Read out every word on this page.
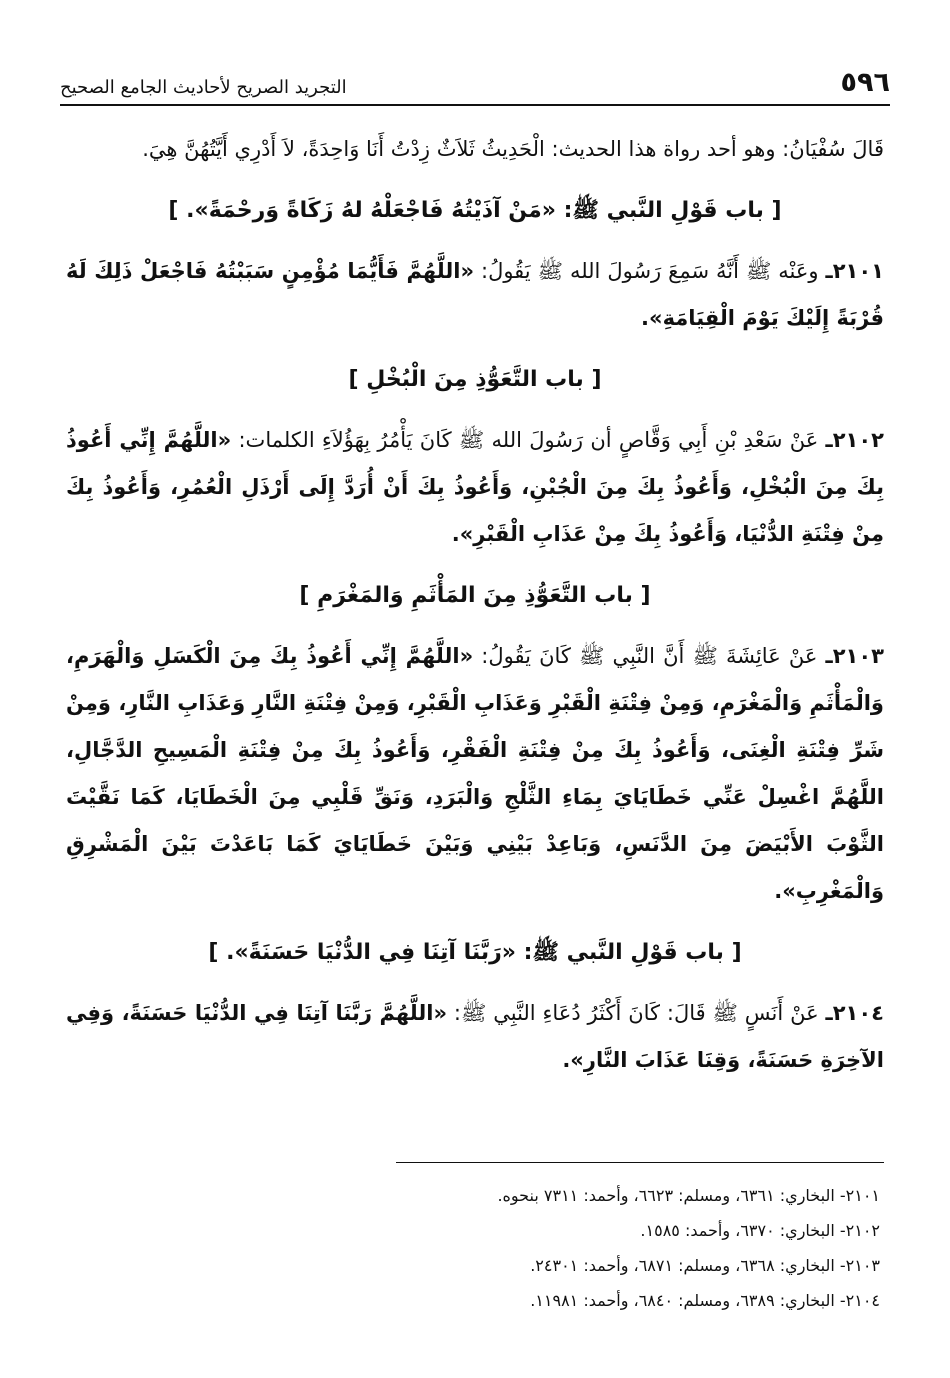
٥٩٦
التجريد الصريح لأحاديث الجامع الصحيح

قَالَ سُفْيَانُ: وهو أحد رواة هذا الحديث: الْحَدِيثُ ثَلاَثٌ زِدْتُ أَنَا وَاحِدَةً، لاَ أَدْرِي أَيَّتُهُنَّ هِيَ.

[ باب قَوْلِ النَّبي ﷺ: «مَنْ آذَيْتُهُ فَاجْعَلْهُ لهُ زَكَاةً وَرحْمَةً». ]

٢١٠١ـ وعَنْه ﷺ أَنَّهُ سَمِعَ رَسُولَ الله ﷺ يَقُولُ: «اللَّهُمَّ فَأَيُّمَا مُؤْمِنٍ سَبَبْتُهُ فَاجْعَلْ ذَلِكَ لَهُ قُرْبَةً إِلَيْكَ يَوْمَ الْقِيَامَةِ».

[ باب التَّعَوُّذِ مِنَ الْبُخْلِ ]

٢١٠٢ـ عَنْ سَعْدِ بْنِ أَبِي وَقَّاصٍ أن رَسُولَ الله ﷺ كَانَ يَأْمُرُ بِهَؤُلاَءِ الكلمات: «اللَّهُمَّ إِنِّي أَعُوذُ بِكَ مِنَ الْبُخْلِ، وَأَعُوذُ بِكَ مِنَ الْجُبْنِ، وَأَعُوذُ بِكَ أَنْ أُرَدَّ إِلَى أَرْذَلِ الْعُمُرِ، وَأَعُوذُ بِكَ مِنْ فِتْنَةِ الدُّنْيَا، وَأَعُوذُ بِكَ مِنْ عَذَابِ الْقَبْرِ».

[ باب التَّعَوُّذِ مِنَ المَأْثَمِ وَالمَغْرَمِ ]

٢١٠٣ـ عَنْ عَائِشَةَ ﷺ أَنَّ النَّبِي ﷺ كَانَ يَقُولُ: «اللَّهُمَّ إِنِّي أَعُوذُ بِكَ مِنَ الْكَسَلِ وَالْهَرَمِ، وَالْمَأْثَمِ وَالْمَغْرَمِ، وَمِنْ فِتْنَةِ الْقَبْرِ وَعَذَابِ الْقَبْرِ، وَمِنْ فِتْنَةِ النَّارِ وَعَذَابِ النَّارِ، وَمِنْ شَرِّ فِتْنَةِ الْغِنَى، وَأَعُوذُ بِكَ مِنْ فِتْنَةِ الْفَقْرِ، وَأَعُوذُ بِكَ مِنْ فِتْنَةِ الْمَسِيحِ الدَّجَّالِ، اللَّهُمَّ اغْسِلْ عَنِّي خَطَايَايَ بِمَاءِ الثَّلْجِ وَالْبَرَدِ، وَنَقِّ قَلْبِي مِنَ الْخَطَايَا، كَمَا نَقَّيْتَ الثَّوْبَ الأَبْيَضَ مِنَ الدَّنَسِ، وَبَاعِدْ بَيْنِي وَبَيْنَ خَطَايَايَ كَمَا بَاعَدْتَ بَيْنَ الْمَشْرِقِ وَالْمَغْرِبِ».

[ باب قَوْلِ النَّبي ﷺ: «رَبَّنَا آتِنَا فِي الدُّنْيَا حَسَنَةً». ]

٢١٠٤ـ عَنْ أَنَسٍ ﷺ قَالَ: كَانَ أَكْثَرُ دُعَاءِ النَّبِي ﷺ: «اللَّهُمَّ رَبَّنَا آتِنَا فِي الدُّنْيَا حَسَنَةً، وَفِي الآخِرَةِ حَسَنَةً، وَقِنَا عَذَابَ النَّارِ».

٢١٠١- البخاري: ٦٣٦١، ومسلم: ٦٦٢٣، وأحمد: ٧٣١١ بنحوه.

٢١٠٢- البخاري: ٦٣٧٠، وأحمد: ١٥٨٥.

٢١٠٣- البخاري: ٦٣٦٨، ومسلم: ٦٨٧١، وأحمد: ٢٤٣٠١.

٢١٠٤- البخاري: ٦٣٨٩، ومسلم: ٦٨٤٠، وأحمد: ١١٩٨١.
